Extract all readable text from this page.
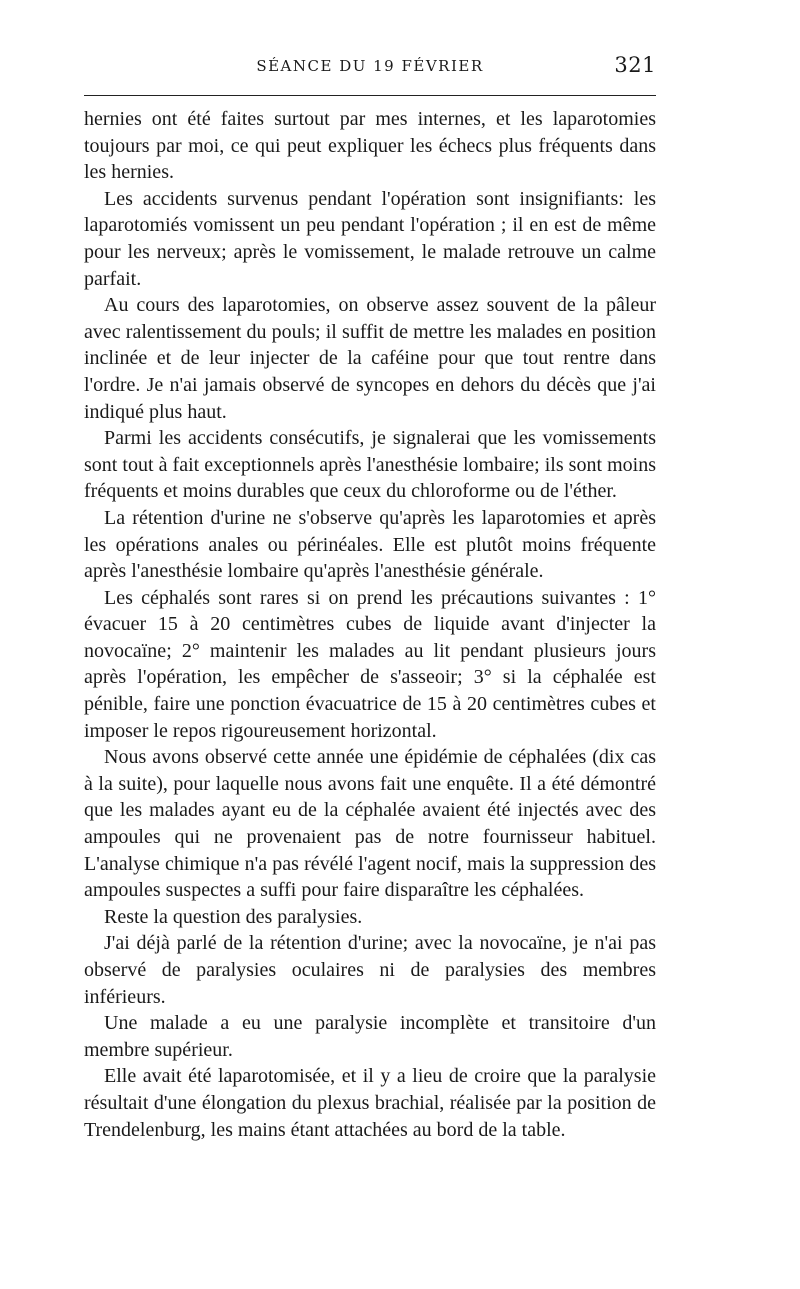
SÉANCE DU 19 FÉVRIER	321

hernies ont été faites surtout par mes internes, et les laparotomies toujours par moi, ce qui peut expliquer les échecs plus fréquents dans les hernies.

Les accidents survenus pendant l'opération sont insignifiants: les laparotomiés vomissent un peu pendant l'opération ; il en est de même pour les nerveux; après le vomissement, le malade retrouve un calme parfait.

Au cours des laparotomies, on observe assez souvent de la pâleur avec ralentissement du pouls; il suffit de mettre les malades en position inclinée et de leur injecter de la caféine pour que tout rentre dans l'ordre. Je n'ai jamais observé de syncopes en dehors du décès que j'ai indiqué plus haut.

Parmi les accidents consécutifs, je signalerai que les vomissements sont tout à fait exceptionnels après l'anesthésie lombaire; ils sont moins fréquents et moins durables que ceux du chloroforme ou de l'éther.

La rétention d'urine ne s'observe qu'après les laparotomies et après les opérations anales ou périnéales. Elle est plutôt moins fréquente après l'anesthésie lombaire qu'après l'anesthésie générale.

Les céphalés sont rares si on prend les précautions suivantes : 1° évacuer 15 à 20 centimètres cubes de liquide avant d'injecter la novocaïne; 2° maintenir les malades au lit pendant plusieurs jours après l'opération, les empêcher de s'asseoir; 3° si la céphalée est pénible, faire une ponction évacuatrice de 15 à 20 centimètres cubes et imposer le repos rigoureusement horizontal.

Nous avons observé cette année une épidémie de céphalées (dix cas à la suite), pour laquelle nous avons fait une enquête. Il a été démontré que les malades ayant eu de la céphalée avaient été injectés avec des ampoules qui ne provenaient pas de notre fournisseur habituel. L'analyse chimique n'a pas révélé l'agent nocif, mais la suppression des ampoules suspectes a suffi pour faire disparaître les céphalées.

Reste la question des paralysies.

J'ai déjà parlé de la rétention d'urine; avec la novocaïne, je n'ai pas observé de paralysies oculaires ni de paralysies des membres inférieurs.

Une malade a eu une paralysie incomplète et transitoire d'un membre supérieur.

Elle avait été laparotomisée, et il y a lieu de croire que la paralysie résultait d'une élongation du plexus brachial, réalisée par la position de Trendelenburg, les mains étant attachées au bord de la table.
